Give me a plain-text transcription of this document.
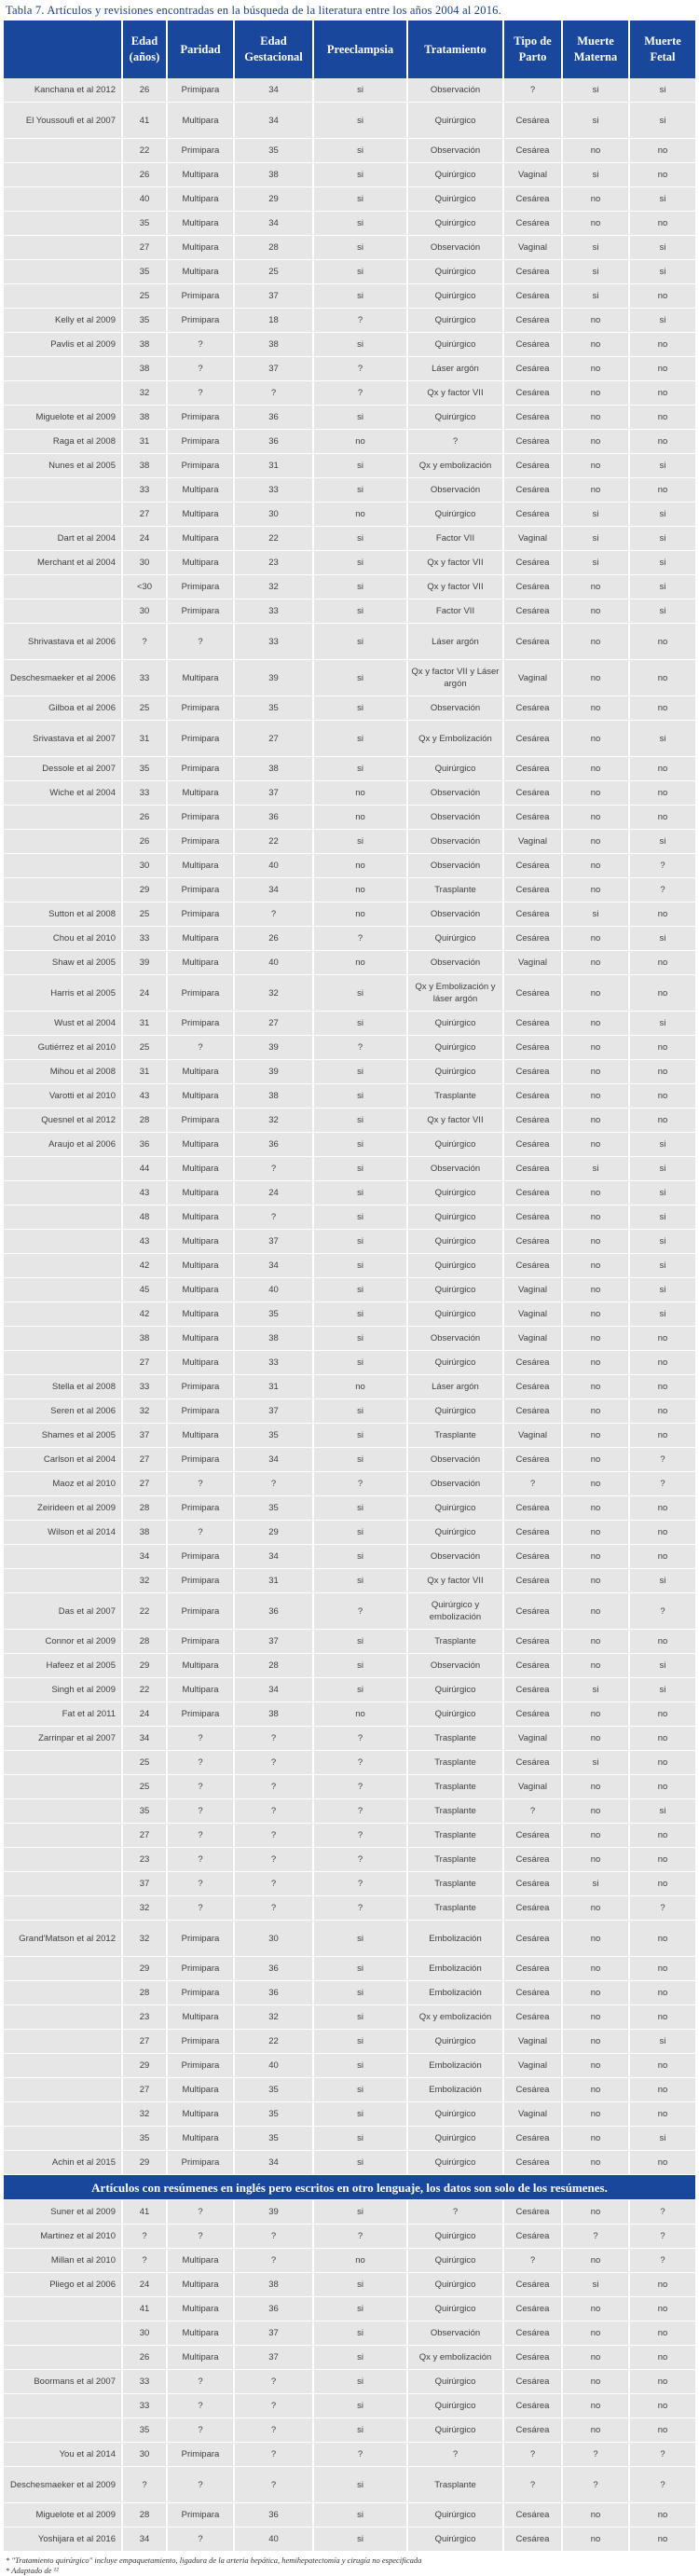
Tabla 7. Artículos y revisiones encontradas en la búsqueda de la literatura entre los años 2004 al 2016.
	Edad (años)	Paridad	Edad Gestacional	Preeclampsia	Tratamiento	Tipo de Parto	Muerte Materna	Muerte Fetal
Kanchana et al 2012	26	Primipara	34	si	Observación	?	si	si
El Youssoufi et al 2007	41	Multipara	34	si	Quirúrgico	Cesárea	si	si
	22	Primipara	35	si	Observación	Cesárea	no	no
	26	Multipara	38	si	Quirúrgico	Vaginal	si	no
	40	Multipara	29	si	Quirúrgico	Cesárea	no	si
	35	Multipara	34	si	Quirúrgico	Cesárea	no	no
	27	Multipara	28	si	Observación	Vaginal	si	si
	35	Multipara	25	si	Quirúrgico	Cesárea	si	si
	25	Primipara	37	si	Quirúrgico	Cesárea	si	no
Kelly et al 2009	35	Primipara	18	?	Quirúrgico	Cesárea	no	si
Pavlis et al 2009	38	?	38	si	Quirúrgico	Cesárea	no	no
	38	?	37	?	Láser argón	Cesárea	no	no
	32	?	?	?	Qx y factor VII	Cesárea	no	no
Miguelote et al 2009	38	Primipara	36	si	Quirúrgico	Cesárea	no	no
Raga et al 2008	31	Primipara	36	no	?	Cesárea	no	no
Nunes et al 2005	38	Primipara	31	si	Qx y embolización	Cesárea	no	si
	33	Multipara	33	si	Observación	Cesárea	no	no
	27	Multipara	30	no	Quirúrgico	Cesárea	si	si
Dart et al 2004	24	Multipara	22	si	Factor VII	Vaginal	si	si
Merchant et al 2004	30	Multipara	23	si	Qx y factor VII	Cesárea	si	si
	<30	Primipara	32	si	Qx y factor VII	Cesárea	no	si
	30	Primipara	33	si	Factor VII	Cesárea	no	si
Shrivastava et al 2006	?	?	33	si	Láser argón	Cesárea	no	no
Deschesmaeker et al 2006	33	Multipara	39	si	Qx y factor VII y Láser argón	Vaginal	no	no
Gilboa et al 2006	25	Primipara	35	si	Observación	Cesárea	no	no
Srivastava et al 2007	31	Primipara	27	si	Qx y Embolización	Cesárea	no	si
Dessole et al 2007	35	Primipara	38	si	Quirúrgico	Cesárea	no	no
Wiche et al 2004	33	Multipara	37	no	Observación	Cesárea	no	no
	26	Primipara	36	no	Observación	Cesárea	no	no
	26	Primipara	22	si	Observación	Vaginal	no	si
	30	Multipara	40	no	Observación	Cesárea	no	?
	29	Primipara	34	no	Trasplante	Cesárea	no	?
Sutton et al 2008	25	Primipara	?	no	Observación	Cesárea	si	no
Chou et al 2010	33	Multipara	26	?	Quirúrgico	Cesárea	no	si
Shaw et al 2005	39	Multipara	40	no	Observación	Vaginal	no	no
Harris et al 2005	24	Primipara	32	si	Qx y Embolización y láser argón	Cesárea	no	no
Wust et al 2004	31	Primipara	27	si	Quirúrgico	Cesárea	no	si
Gutiérrez et al 2010	25	?	39	?	Quirúrgico	Cesárea	no	no
Mihou et al 2008	31	Multipara	39	si	Quirúrgico	Cesárea	no	no
Varotti et al 2010	43	Multipara	38	si	Trasplante	Cesárea	no	no
Quesnel et al 2012	28	Primipara	32	si	Qx y factor VII	Cesárea	no	no
Araujo et al 2006	36	Multipara	36	si	Quirúrgico	Cesárea	no	si
	44	Multipara	?	si	Observación	Cesárea	si	si
	43	Multipara	24	si	Quirúrgico	Cesárea	no	si
	48	Multipara	?	si	Quirúrgico	Cesárea	no	si
	43	Multipara	37	si	Quirúrgico	Cesárea	no	si
	42	Multipara	34	si	Quirúrgico	Cesárea	no	si
	45	Multipara	40	si	Quirúrgico	Vaginal	no	si
	42	Multipara	35	si	Quirúrgico	Vaginal	no	si
	38	Multipara	38	si	Observación	Vaginal	no	no
	27	Multipara	33	si	Quirúrgico	Cesárea	no	no
Stella et al 2008	33	Primipara	31	no	Láser argón	Cesárea	no	no
Seren et al 2006	32	Primipara	37	si	Quirúrgico	Cesárea	no	no
Shames et al 2005	37	Multipara	35	si	Trasplante	Vaginal	no	no
Carlson et al 2004	27	Primipara	34	si	Observación	Cesárea	no	?
Maoz et al 2010	27	?	?	?	Observación	?	no	?
Zeirideen et al 2009	28	Primipara	35	si	Quirúrgico	Cesárea	no	no
Wilson et al 2014	38	?	29	si	Quirúrgico	Cesárea	no	no
	34	Primipara	34	si	Observación	Cesárea	no	no
	32	Primipara	31	si	Qx y factor VII	Cesárea	no	si
Das et al 2007	22	Primipara	36	?	Quirúrgico y embolización	Cesárea	no	?
Connor et al 2009	28	Primipara	37	si	Trasplante	Cesárea	no	no
Hafeez et al 2005	29	Multipara	28	si	Observación	Cesárea	no	si
Singh et al 2009	22	Multipara	34	si	Quirúrgico	Cesárea	si	si
Fat et al 2011	24	Primipara	38	no	Quirúrgico	Cesárea	no	no
Zarrinpar et al 2007	34	?	?	?	Trasplante	Vaginal	no	no
	25	?	?	?	Trasplante	Cesárea	si	no
	25	?	?	?	Trasplante	Vaginal	no	no
	35	?	?	?	Trasplante	?	no	si
	27	?	?	?	Trasplante	Cesárea	no	no
	23	?	?	?	Trasplante	Cesárea	no	no
	37	?	?	?	Trasplante	Cesárea	si	no
	32	?	?	?	Trasplante	Cesárea	no	?
Grand'Matson et al 2012	32	Primipara	30	si	Embolización	Cesárea	no	no
	29	Primipara	36	si	Embolización	Cesárea	no	no
	28	Primipara	36	si	Embolización	Cesárea	no	no
	23	Multipara	32	si	Qx y embolización	Cesárea	no	no
	27	Primipara	22	si	Quirúrgico	Vaginal	no	si
	29	Primipara	40	si	Embolización	Vaginal	no	no
	27	Multipara	35	si	Embolización	Cesárea	no	no
	32	Multipara	35	si	Quirúrgico	Vaginal	no	no
	35	Multipara	35	si	Quirúrgico	Cesárea	no	si
Achin et al 2015	29	Primipara	34	si	Quirúrgico	Cesárea	no	no
Artículos con resúmenes en inglés pero escritos en otro lenguaje, los datos son solo de los resúmenes.								
Suner et al 2009	41	?	39	si	?	Cesárea	no	?
Martinez et al 2010	?	?	?	?	Quirúrgico	Cesárea	?	?
Millan et al 2010	?	Multipara	?	no	Quirúrgico	?	no	?
Pliego et al 2006	24	Multipara	38	si	Quirúrgico	Cesárea	si	no
	41	Multipara	36	si	Quirúrgico	Cesárea	no	no
	30	Multipara	37	si	Observación	Cesárea	no	no
	26	Multipara	37	si	Qx y embolización	Cesárea	no	no
Boormans et al 2007	33	?	?	si	Quirúrgico	Cesárea	no	no
	33	?	?	si	Quirúrgico	Cesárea	no	no
	35	?	?	si	Quirúrgico	Cesárea	no	no
You et al 2014	30	Primipara	?	?	?	?	?	?
Deschesmaeker et al 2009	?	?	?	si	Trasplante	?	?	?
Miguelote et al 2009	28	Primipara	36	si	Quirúrgico	Cesárea	no	no
Yoshijara et al 2016	34	?	40	si	Quirúrgico	Cesárea	no	no
* "Tratamiento quirúrgico" incluye empaquetamiento, ligadura de la arteria hepática, hemihepatectomía y cirugía no especificada
* Adaptado de ¹²
